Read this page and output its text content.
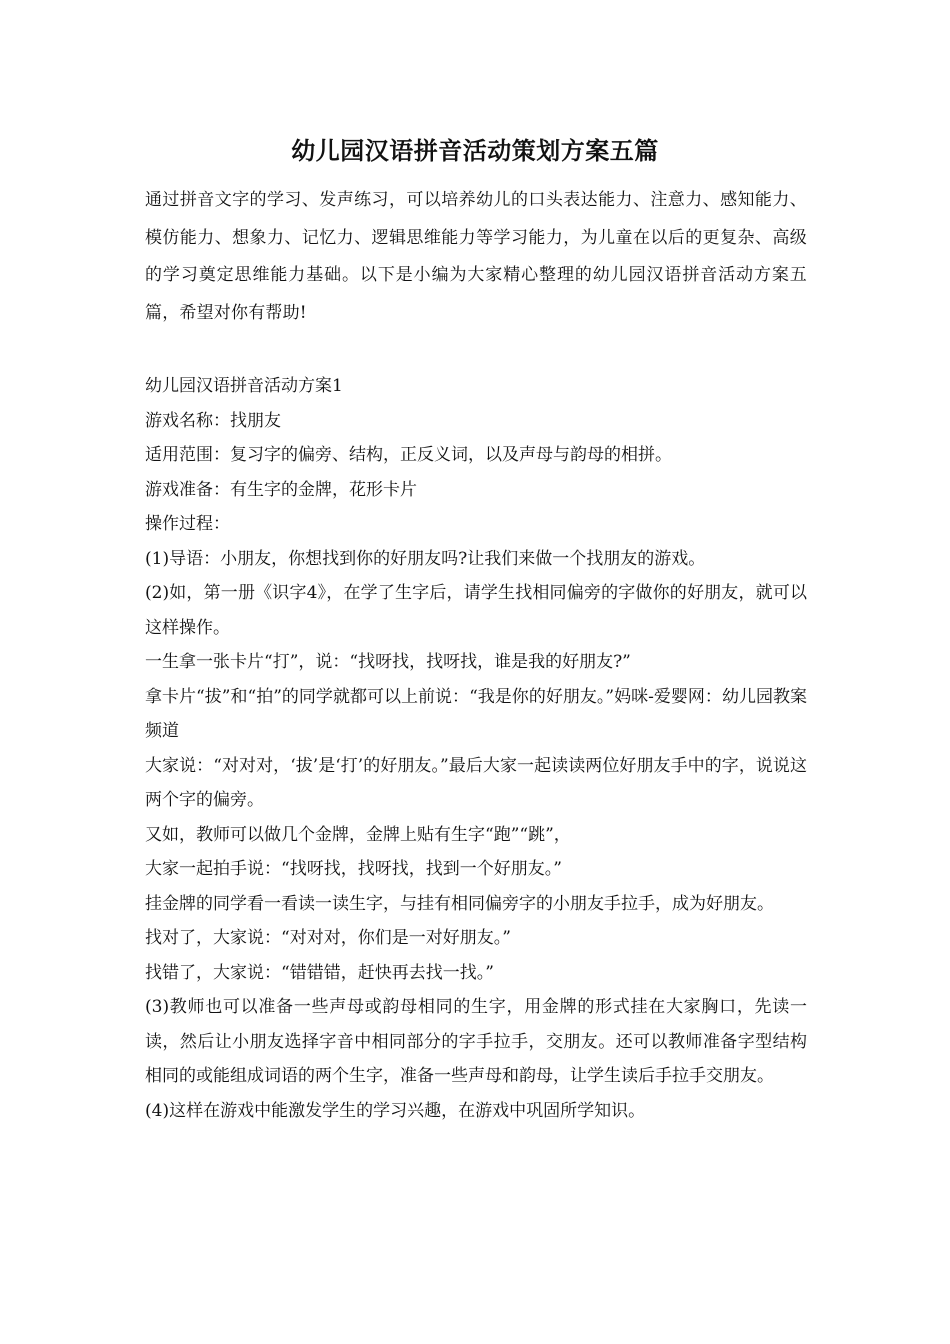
幼儿园汉语拼音活动策划方案五篇

通过拼音文字的学习、发声练习，可以培养幼儿的口头表达能力、注意力、感知能力、模仿能力、想象力、记忆力、逻辑思维能力等学习能力，为儿童在以后的更复杂、高级的学习奠定思维能力基础。以下是小编为大家精心整理的幼儿园汉语拼音活动方案五篇，希望对你有帮助!

幼儿园汉语拼音活动方案1

游戏名称：找朋友

适用范围：复习字的偏旁、结构，正反义词，以及声母与韵母的相拼。

游戏准备：有生字的金牌，花形卡片

操作过程：

(1)导语：小朋友，你想找到你的好朋友吗?让我们来做一个找朋友的游戏。

(2)如，第一册《识字4》，在学了生字后，请学生找相同偏旁的字做你的好朋友，就可以这样操作。

一生拿一张卡片“打”，说：“找呀找，找呀找，谁是我的好朋友?”

拿卡片“拔”和“拍”的同学就都可以上前说：“我是你的好朋友。”妈咪-爱婴网：幼儿园教案频道

大家说：“对对对，‘拔’是‘打’的好朋友。”最后大家一起读读两位好朋友手中的字，说说这两个字的偏旁。

又如，教师可以做几个金牌，金牌上贴有生字“跑”“跳”，

大家一起拍手说：“找呀找，找呀找，找到一个好朋友。”

挂金牌的同学看一看读一读生字，与挂有相同偏旁字的小朋友手拉手，成为好朋友。

找对了，大家说：“对对对，你们是一对好朋友。”

找错了，大家说：“错错错，赶快再去找一找。”

(3)教师也可以准备一些声母或韵母相同的生字，用金牌的形式挂在大家胸口，先读一读，然后让小朋友选择字音中相同部分的字手拉手，交朋友。还可以教师准备字型结构相同的或能组成词语的两个生字，准备一些声母和韵母，让学生读后手拉手交朋友。

(4)这样在游戏中能激发学生的学习兴趣，在游戏中巩固所学知识。
